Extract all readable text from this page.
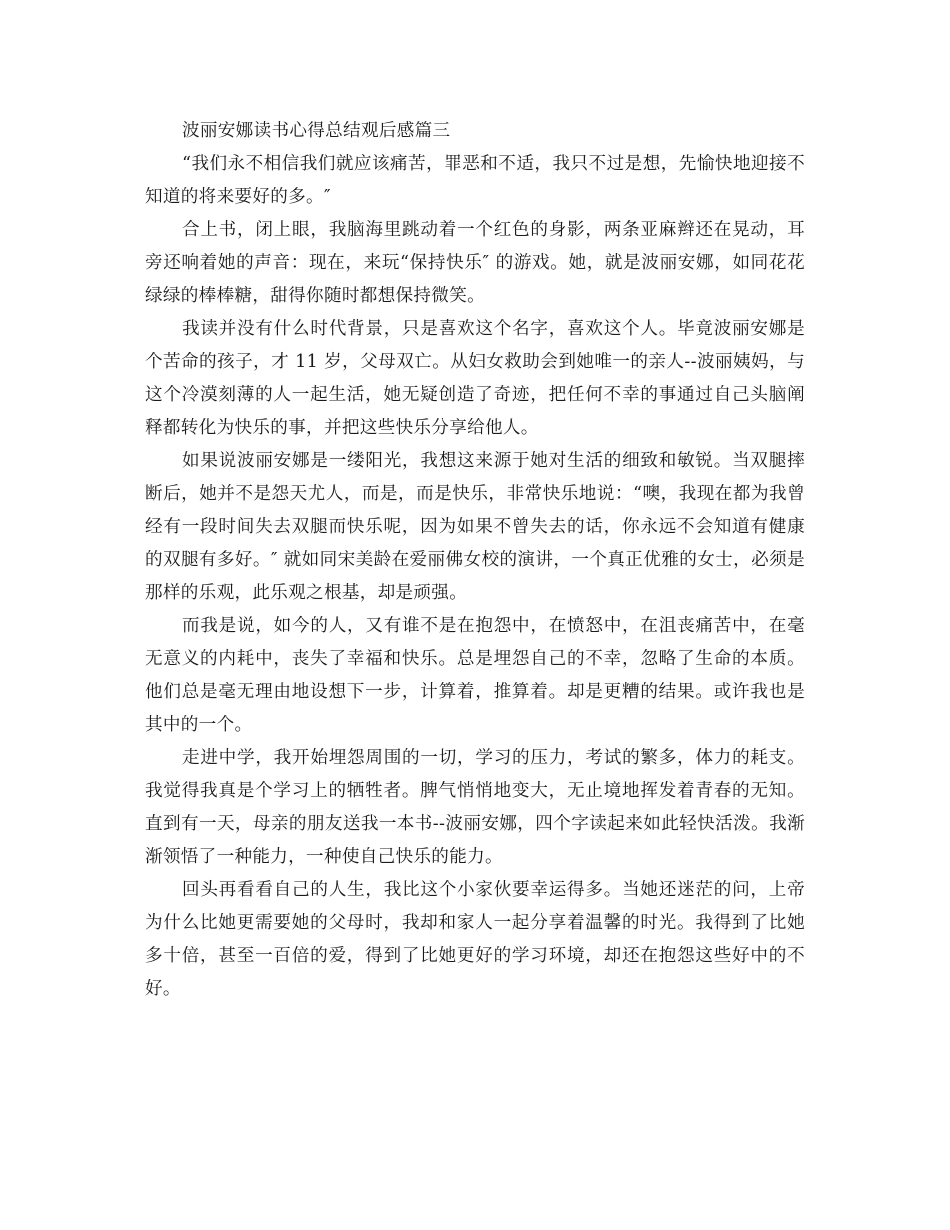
波丽安娜读书心得总结观后感篇三

“我们永不相信我们就应该痛苦，罪恶和不适，我只不过是想，先愉快地迎接不知道的将来要好的多。″

合上书，闭上眼，我脑海里跳动着一个红色的身影，两条亚麻辫还在晃动，耳旁还响着她的声音：现在，来玩“保持快乐″ 的游戏。她，就是波丽安娜，如同花花绿绿的棒棒糖，甜得你随时都想保持微笑。

我读并没有什么时代背景，只是喜欢这个名字，喜欢这个人。毕竟波丽安娜是个苦命的孩子，才 11 岁，父母双亡。从妇女救助会到她唯一的亲人--波丽姨妈，与这个冷漠刻薄的人一起生活，她无疑创造了奇迹，把任何不幸的事通过自己头脑阐释都转化为快乐的事，并把这些快乐分享给他人。

如果说波丽安娜是一缕阳光，我想这来源于她对生活的细致和敏锐。当双腿摔断后，她并不是怨天尤人，而是，而是快乐，非常快乐地说：“噢，我现在都为我曾经有一段时间失去双腿而快乐呢，因为如果不曾失去的话，你永远不会知道有健康的双腿有多好。″ 就如同宋美龄在爱丽佛女校的演讲，一个真正优雅的女士，必须是那样的乐观，此乐观之根基，却是顽强。

而我是说，如今的人，又有谁不是在抱怨中，在愤怒中，在沮丧痛苦中，在毫无意义的内耗中，丧失了幸福和快乐。总是埋怨自己的不幸，忽略了生命的本质。他们总是毫无理由地设想下一步，计算着，推算着。却是更糟的结果。或许我也是其中的一个。

走进中学，我开始埋怨周围的一切，学习的压力，考试的繁多，体力的耗支。我觉得我真是个学习上的牺牲者。脾气悄悄地变大，无止境地挥发着青春的无知。直到有一天，母亲的朋友送我一本书--波丽安娜，四个字读起来如此轻快活泼。我渐渐领悟了一种能力，一种使自己快乐的能力。

回头再看看自己的人生，我比这个小家伙要幸运得多。当她还迷茫的问，上帝为什么比她更需要她的父母时，我却和家人一起分享着温馨的时光。我得到了比她多十倍，甚至一百倍的爱，得到了比她更好的学习环境，却还在抱怨这些好中的不好。
